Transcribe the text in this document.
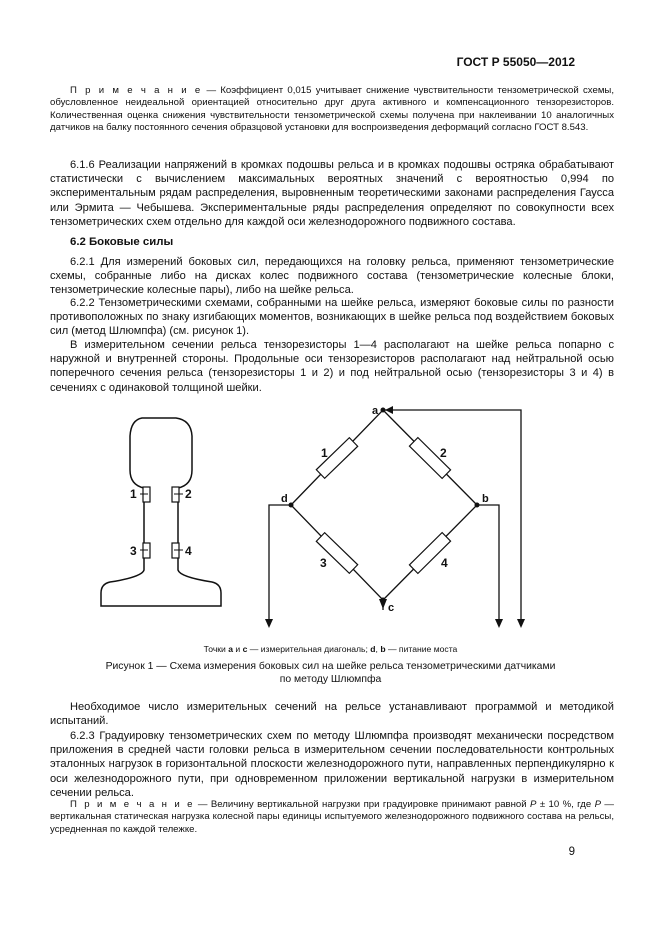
ГОСТ Р 55050—2012

П р и м е ч а н и е — Коэффициент 0,015 учитывает снижение чувствительности тензометрической схемы, обусловленное неидеальной ориентацией относительно друг друга активного и компенсационного тензорезисторов. Количественная оценка снижения чувствительности тензометрической схемы получена при наклеивании 10 аналогичных датчиков на балку постоянного сечения образцовой установки для воспроизведения деформаций согласно ГОСТ 8.543.

6.1.6 Реализации напряжений в кромках подошвы рельса и в кромках подошвы остряка обрабатывают статистически с вычислением максимальных вероятных значений с вероятностью 0,994 по экспериментальным рядам распределения, выровненным теоретическими законами распределения Гаусса или Эрмита — Чебышева. Экспериментальные ряды распределения определяют по совокупности всех тензометрических схем отдельно для каждой оси железнодорожного подвижного состава.

6.2 Боковые силы

6.2.1 Для измерений боковых сил, передающихся на головку рельса, применяют тензометрические схемы, собранные либо на дисках колес подвижного состава (тензометрические колесные блоки, тензометрические колесные пары), либо на шейке рельса.

6.2.2 Тензометрическими схемами, собранными на шейке рельса, измеряют боковые силы по разности противоположных по знаку изгибающих моментов, возникающих в шейке рельса под воздействием боковых сил (метод Шлюмпфа) (см. рисунок 1).

В измерительном сечении рельса тензорезисторы 1—4 располагают на шейке рельса попарно с наружной и внутренней стороны. Продольные оси тензорезисторов располагают над нейтральной осью поперечного сечения рельса (тензорезисторы 1 и 2) и под нейтральной осью (тензорезисторы 3 и 4) в сечениях с одинаковой толщиной шейки.

1	2
3	4
1	2
3	4
a
b
c
d
Точки a и c — измерительная диагональ; d, b — питание моста
Рисунок 1 — Схема измерения боковых сил на шейке рельса тензометрическими датчиками
по методу Шлюмпфа

Необходимое число измерительных сечений на рельсе устанавливают программой и методикой испытаний.

6.2.3 Градуировку тензометрических схем по методу Шлюмпфа производят механически посредством приложения в средней части головки рельса в измерительном сечении последовательности контрольных эталонных нагрузок в горизонтальной плоскости железнодорожного пути, направленных перпендикулярно к оси железнодорожного пути, при одновременном приложении вертикальной нагрузки в измерительном сечении рельса.

П р и м е ч а н и е — Величину вертикальной нагрузки при градуировке принимают равной P ± 10 %, где P — вертикальная статическая нагрузка колесной пары единицы испытуемого железнодорожного подвижного состава на рельсы, усредненная по каждой тележке.

9
